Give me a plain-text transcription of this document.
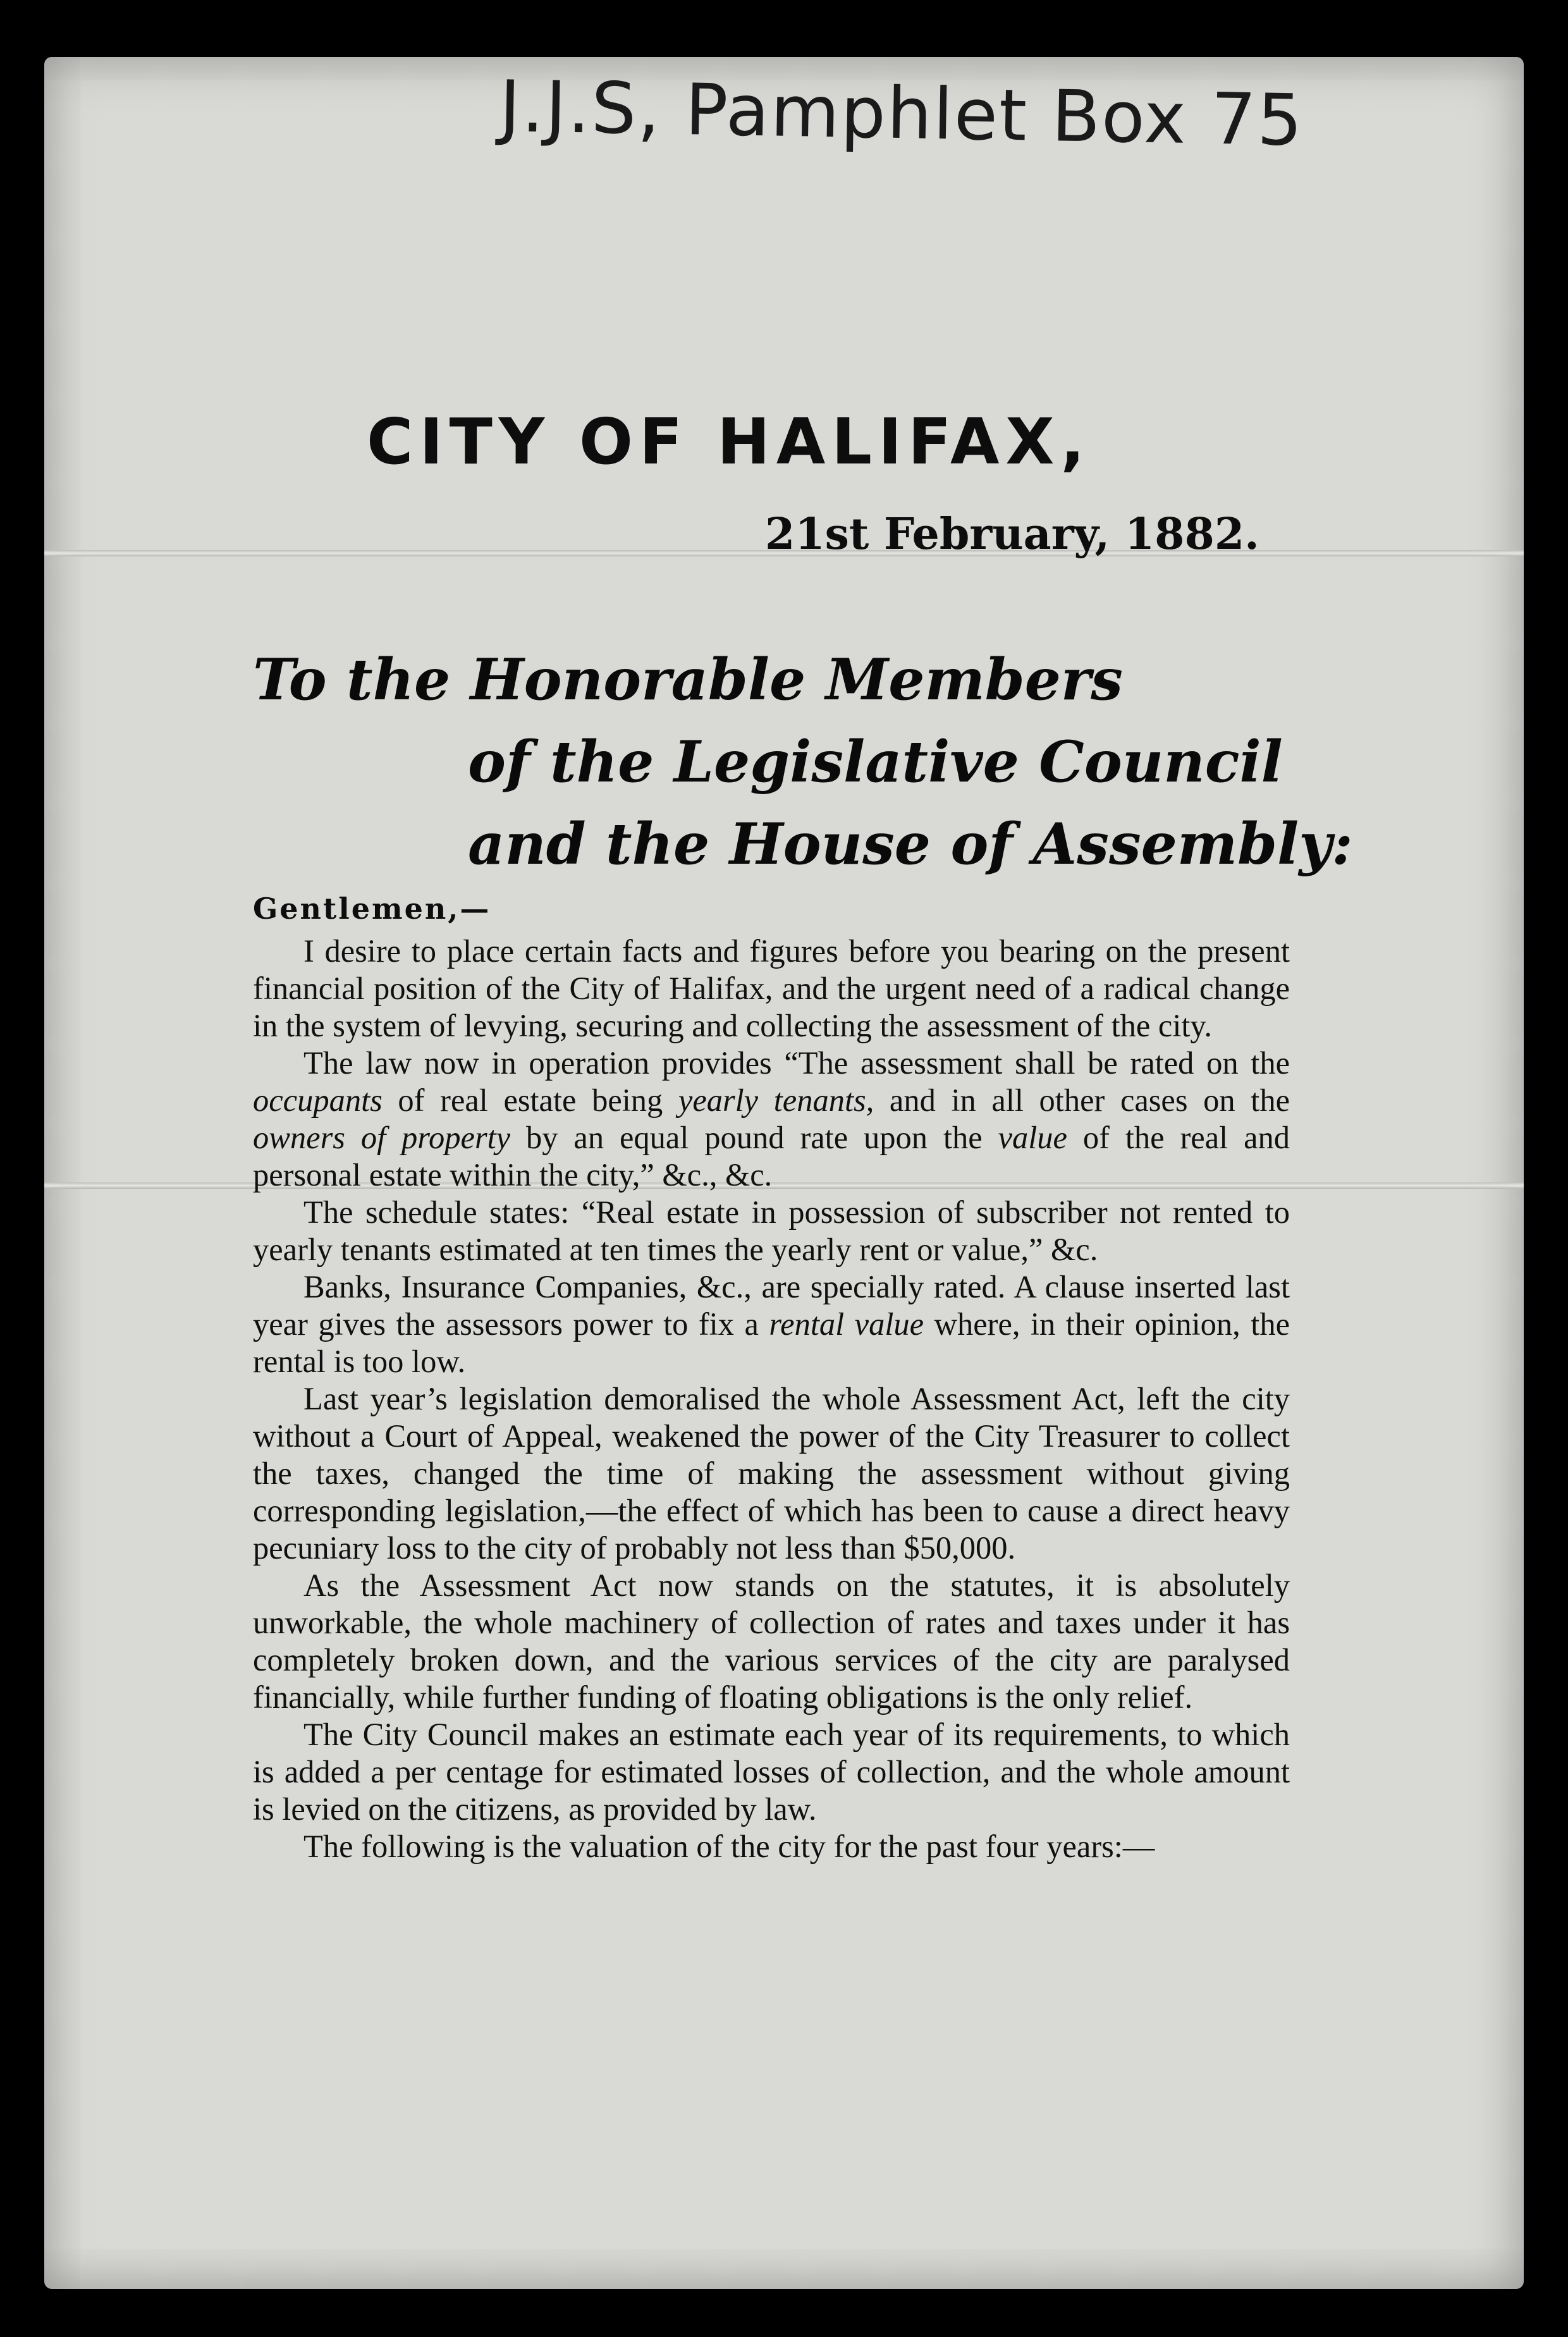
J.J.S, Pamphlet Box 75
CITY OF HALIFAX,
21st February, 1882.
To the Honorable Members
of the Legislative Council
and the House of Assembly:
Gentlemen,—

I desire to place certain facts and figures before you bearing on the present financial position of the City of Halifax, and the urgent need of a radical change in the system of levying, securing and collecting the assessment of the city.

The law now in operation provides “The assessment shall be rated on the occupants of real estate being yearly tenants, and in all other cases on the owners of property by an equal pound rate upon the value of the real and personal estate within the city,” &c., &c.

The schedule states: “Real estate in possession of subscriber not rented to yearly tenants estimated at ten times the yearly rent or value,” &c.

Banks, Insurance Companies, &c., are specially rated. A clause inserted last year gives the assessors power to fix a rental value where, in their opinion, the rental is too low.

Last year’s legislation demoralised the whole Assessment Act, left the city without a Court of Appeal, weakened the power of the City Treasurer to collect the taxes, changed the time of making the assessment without giving corresponding legislation,—the effect of which has been to cause a direct heavy pecuniary loss to the city of probably not less than $50,000.

As the Assessment Act now stands on the statutes, it is absolutely unworkable, the whole machinery of collection of rates and taxes under it has completely broken down, and the various services of the city are paralysed financially, while further funding of floating obligations is the only relief.

The City Council makes an estimate each year of its requirements, to which is added a per centage for estimated losses of collection, and the whole amount is levied on the citizens, as provided by law.

The following is the valuation of the city for the past four years:—
